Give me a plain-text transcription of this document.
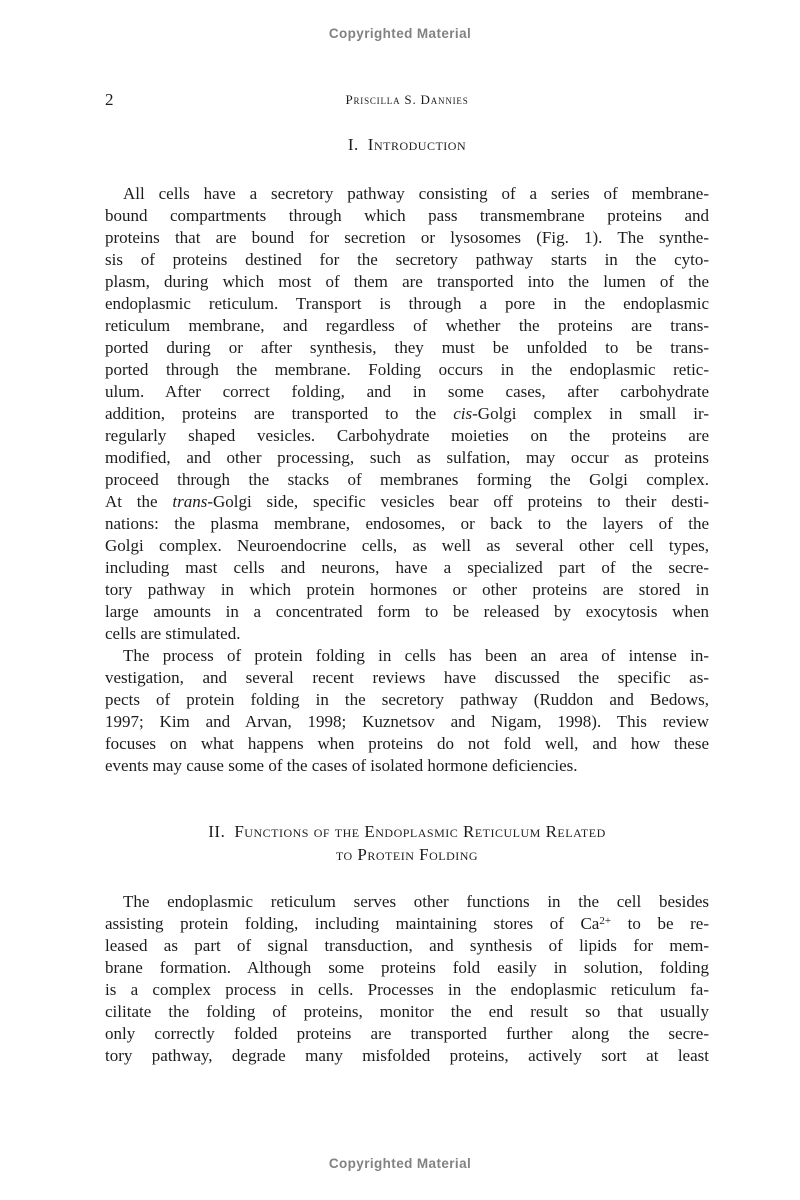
Copyrighted Material
2	Priscilla S. Dannies
I. Introduction
All cells have a secretory pathway consisting of a series of membrane-
bound compartments through which pass transmembrane proteins and
proteins that are bound for secretion or lysosomes (Fig. 1). The synthe-
sis of proteins destined for the secretory pathway starts in the cyto-
plasm, during which most of them are transported into the lumen of the
endoplasmic reticulum. Transport is through a pore in the endoplasmic
reticulum membrane, and regardless of whether the proteins are trans-
ported during or after synthesis, they must be unfolded to be trans-
ported through the membrane. Folding occurs in the endoplasmic retic-
ulum. After correct folding, and in some cases, after carbohydrate
addition, proteins are transported to the cis-Golgi complex in small ir-
regularly shaped vesicles. Carbohydrate moieties on the proteins are
modified, and other processing, such as sulfation, may occur as proteins
proceed through the stacks of membranes forming the Golgi complex.
At the trans-Golgi side, specific vesicles bear off proteins to their desti-
nations: the plasma membrane, endosomes, or back to the layers of the
Golgi complex. Neuroendocrine cells, as well as several other cell types,
including mast cells and neurons, have a specialized part of the secre-
tory pathway in which protein hormones or other proteins are stored in
large amounts in a concentrated form to be released by exocytosis when
cells are stimulated.
The process of protein folding in cells has been an area of intense in-
vestigation, and several recent reviews have discussed the specific as-
pects of protein folding in the secretory pathway (Ruddon and Bedows,
1997; Kim and Arvan, 1998; Kuznetsov and Nigam, 1998). This review
focuses on what happens when proteins do not fold well, and how these
events may cause some of the cases of isolated hormone deficiencies.
II. Functions of the Endoplasmic Reticulum Related
to Protein Folding
The endoplasmic reticulum serves other functions in the cell besides
assisting protein folding, including maintaining stores of $Ca^{2+}$ to be re-
leased as part of signal transduction, and synthesis of lipids for mem-
brane formation. Although some proteins fold easily in solution, folding
is a complex process in cells. Processes in the endoplasmic reticulum fa-
cilitate the folding of proteins, monitor the end result so that usually
only correctly folded proteins are transported further along the secre-
tory pathway, degrade many misfolded proteins, actively sort at least
Copyrighted Material
